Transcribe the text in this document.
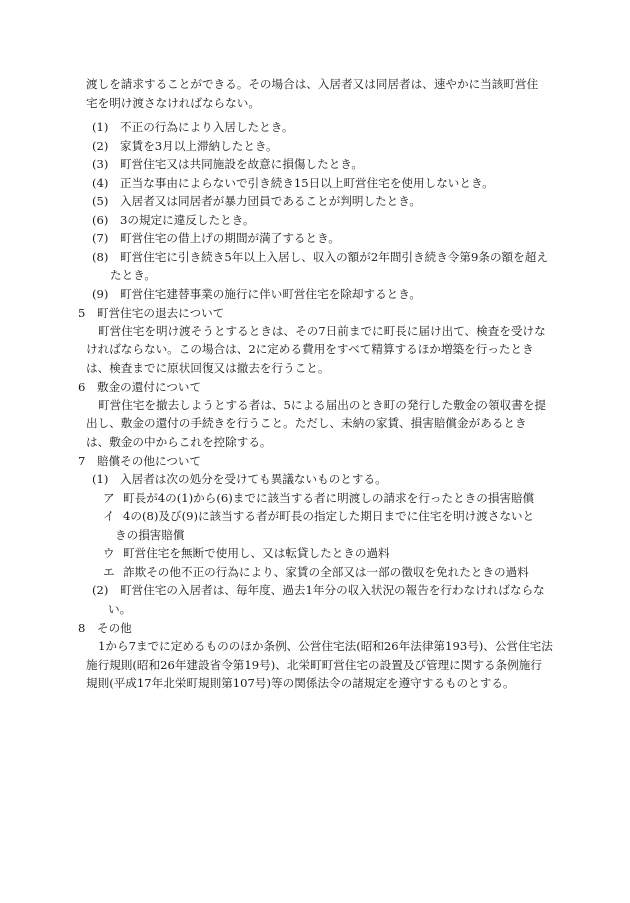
渡しを請求することができる。その場合は、入居者又は同居者は、速やかに当該町営住
宅を明け渡さなければならない。
(1) 不正の行為により入居したとき。
(2) 家賃を3月以上滞納したとき。
(3) 町営住宅又は共同施設を故意に損傷したとき。
(4) 正当な事由によらないで引き続き15日以上町営住宅を使用しないとき。
(5) 入居者又は同居者が暴力団員であることが判明したとき。
(6) 3の規定に違反したとき。
(7) 町営住宅の借上げの期間が満了するとき。
(8) 町営住宅に引き続き5年以上入居し、収入の額が2年間引き続き令第9条の額を超え
たとき。
(9) 町営住宅建替事業の施行に伴い町営住宅を除却するとき。
5　町営住宅の退去について
町営住宅を明け渡そうとするときは、その7日前までに町長に届け出て、検査を受けな
ければならない。この場合は、2に定める費用をすべて精算するほか増築を行ったとき
は、検査までに原状回復又は撤去を行うこと。
6　敷金の還付について
町営住宅を撤去しようとする者は、5による届出のとき町の発行した敷金の領収書を提
出し、敷金の還付の手続きを行うこと。ただし、未納の家賃、損害賠償金があるとき
は、敷金の中からこれを控除する。
7　賠償その他について
(1) 入居者は次の処分を受けても異議ないものとする。
ア 町長が4の(1)から(6)までに該当する者に明渡しの請求を行ったときの損害賠償
イ 4の(8)及び(9)に該当する者が町長の指定した期日までに住宅を明け渡さないと
きの損害賠償
ウ 町営住宅を無断で使用し、又は転貸したときの過料
エ 詐欺その他不正の行為により、家賃の全部又は一部の徴収を免れたときの過料
(2) 町営住宅の入居者は、毎年度、過去1年分の収入状況の報告を行わなければならな
い。
8　その他
1から7までに定めるもののほか条例、公営住宅法(昭和26年法律第193号)、公営住宅法
施行規則(昭和26年建設省令第19号)、北栄町町営住宅の設置及び管理に関する条例施行
規則(平成17年北栄町規則第107号)等の関係法令の諸規定を遵守するものとする。
